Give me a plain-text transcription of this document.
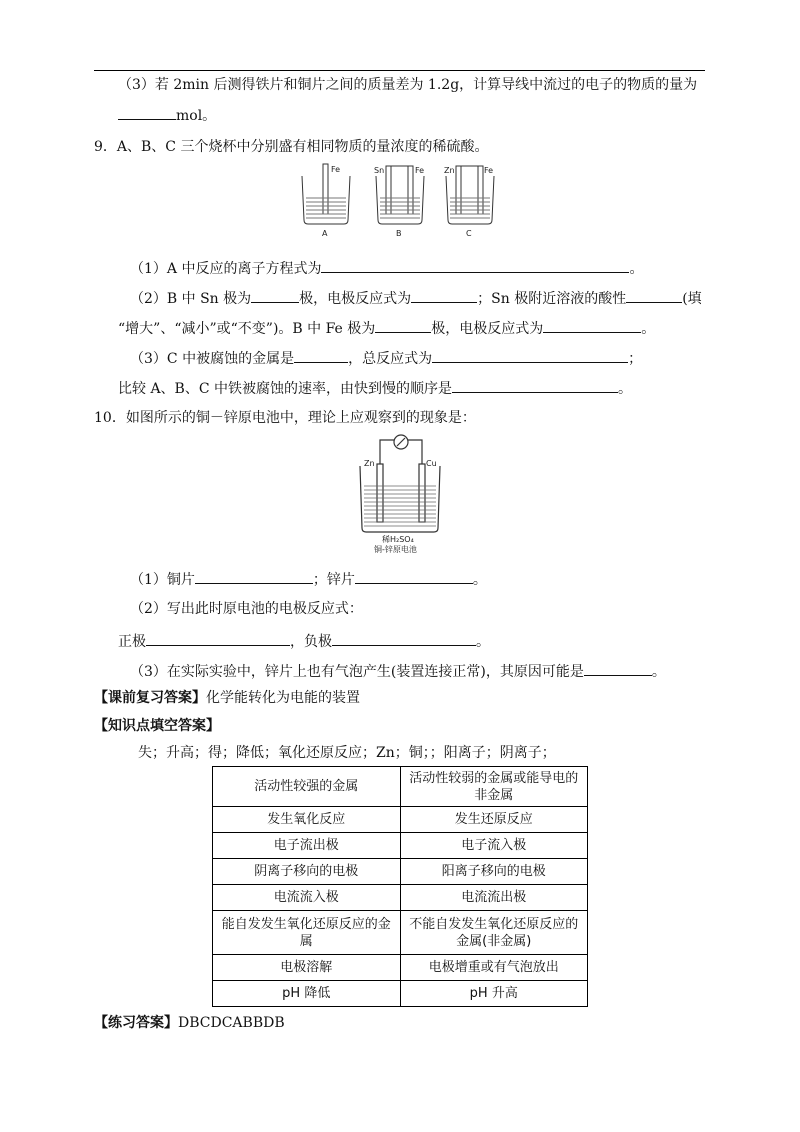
（3）若 2min 后测得铁片和铜片之间的质量差为 1.2g，计算导线中流过的电子的物质的量为
mol。
9．A、B、C 三个烧杯中分别盛有相同物质的量浓度的稀硫酸。
Fe	Sn	Fe Zn	Fe
A	B	C
（1）A 中反应的离子方程式为	。
（2）B 中 Sn 极为	极，电极反应式为	；Sn 极附近溶液的酸性	(填
“增大”、“减小”或“不变”)。B 中 Fe 极为	极，电极反应式为	。
（3）C 中被腐蚀的金属是	，总反应式为	；
比较 A、B、C 中铁被腐蚀的速率，由快到慢的顺序是	。
10．如图所示的铜－锌原电池中，理论上应观察到的现象是：
Zn	Cu
稀H₂SO₄
铜-锌原电池
（1）铜片	；锌片	。
（2）写出此时原电池的电极反应式：
正极	，负极	。
（3）在实际实验中，锌片上也有气泡产生(装置连接正常)，其原因可能是	。
【课前复习答案】化学能转化为电能的装置
【知识点填空答案】
失；升高；得；降低；氧化还原反应；Zn；铜；；阳离子；阴离子；
活动性较强的金属	活动性较弱的金属或能导电的非金属
发生氧化反应	发生还原反应
电子流出极	电子流入极
阴离子移向的电极	阳离子移向的电极
电流流入极	电流流出极
能自发发生氧化还原反应的金属	不能自发发生氧化还原反应的金属(非金属)
电极溶解	电极增重或有气泡放出
pH 降低	pH 升高
【练习答案】DBCDCABBDB
